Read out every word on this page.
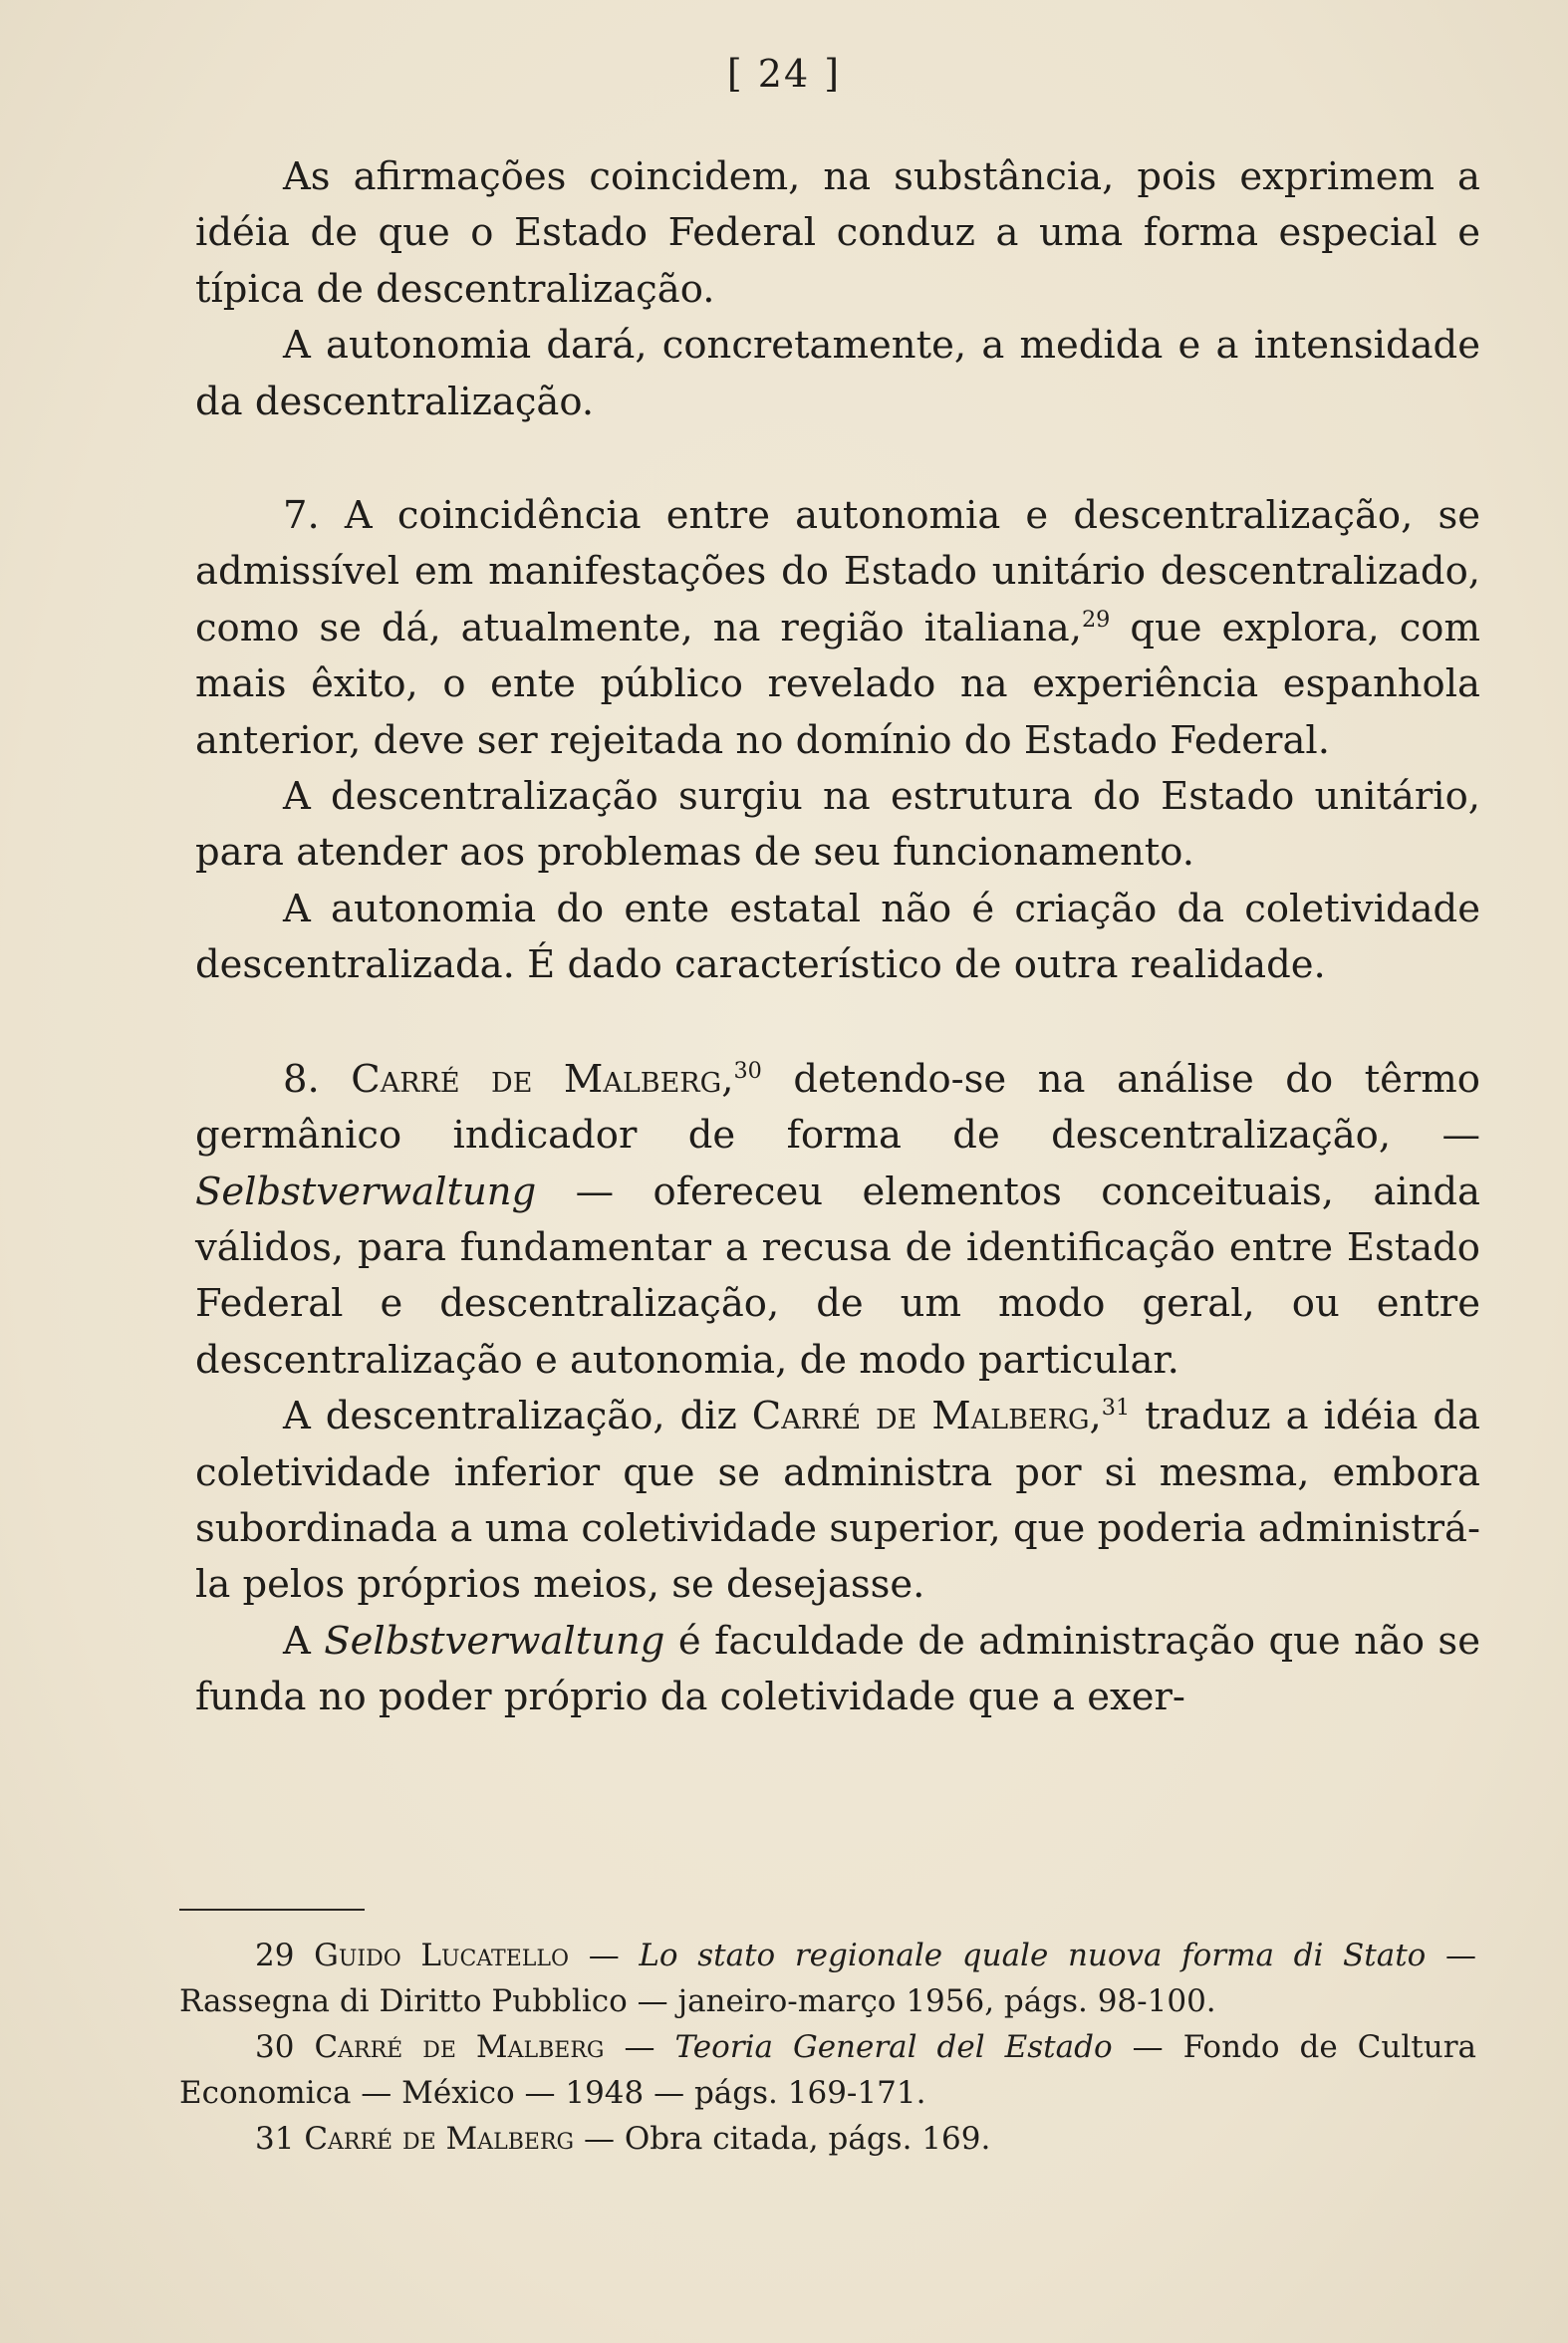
[ 24 ]

As afirmações coincidem, na substância, pois exprimem a idéia de que o Estado Federal conduz a uma forma especial e típica de descentralização.

A autonomia dará, concretamente, a medida e a intensidade da descentralização.

7. A coincidência entre autonomia e descentralização, se admissível em manifestações do Estado unitário descentralizado, como se dá, atualmente, na região italiana,$^{29}$ que explora, com mais êxito, o ente público revelado na experiência espanhola anterior, deve ser rejeitada no domínio do Estado Federal.

A descentralização surgiu na estrutura do Estado unitário, para atender aos problemas de seu funcionamento.

A autonomia do ente estatal não é criação da coletividade descentralizada. É dado característico de outra realidade.

8. Carré de Malberg,$^{30}$ detendo-se na análise do têrmo germânico indicador de forma de descentralização, — Selbstverwaltung — ofereceu elementos conceituais, ainda válidos, para fundamentar a recusa de identificação entre Estado Federal e descentralização, de um modo geral, ou entre descentralização e autonomia, de modo particular.

A descentralização, diz Carré de Malberg,$^{31}$ traduz a idéia da coletividade inferior que se administra por si mesma, embora subordinada a uma coletividade superior, que poderia administrá-la pelos próprios meios, se desejasse.

A Selbstverwaltung é faculdade de administração que não se funda no poder próprio da coletividade que a exer-

29 Guido Lucatello — Lo stato regionale quale nuova forma di Stato — Rassegna di Diritto Pubblico — janeiro-março 1956, págs. 98-100.

30 Carré de Malberg — Teoria General del Estado — Fondo de Cultura Economica — México — 1948 — págs. 169-171.

31 Carré de Malberg — Obra citada, págs. 169.
